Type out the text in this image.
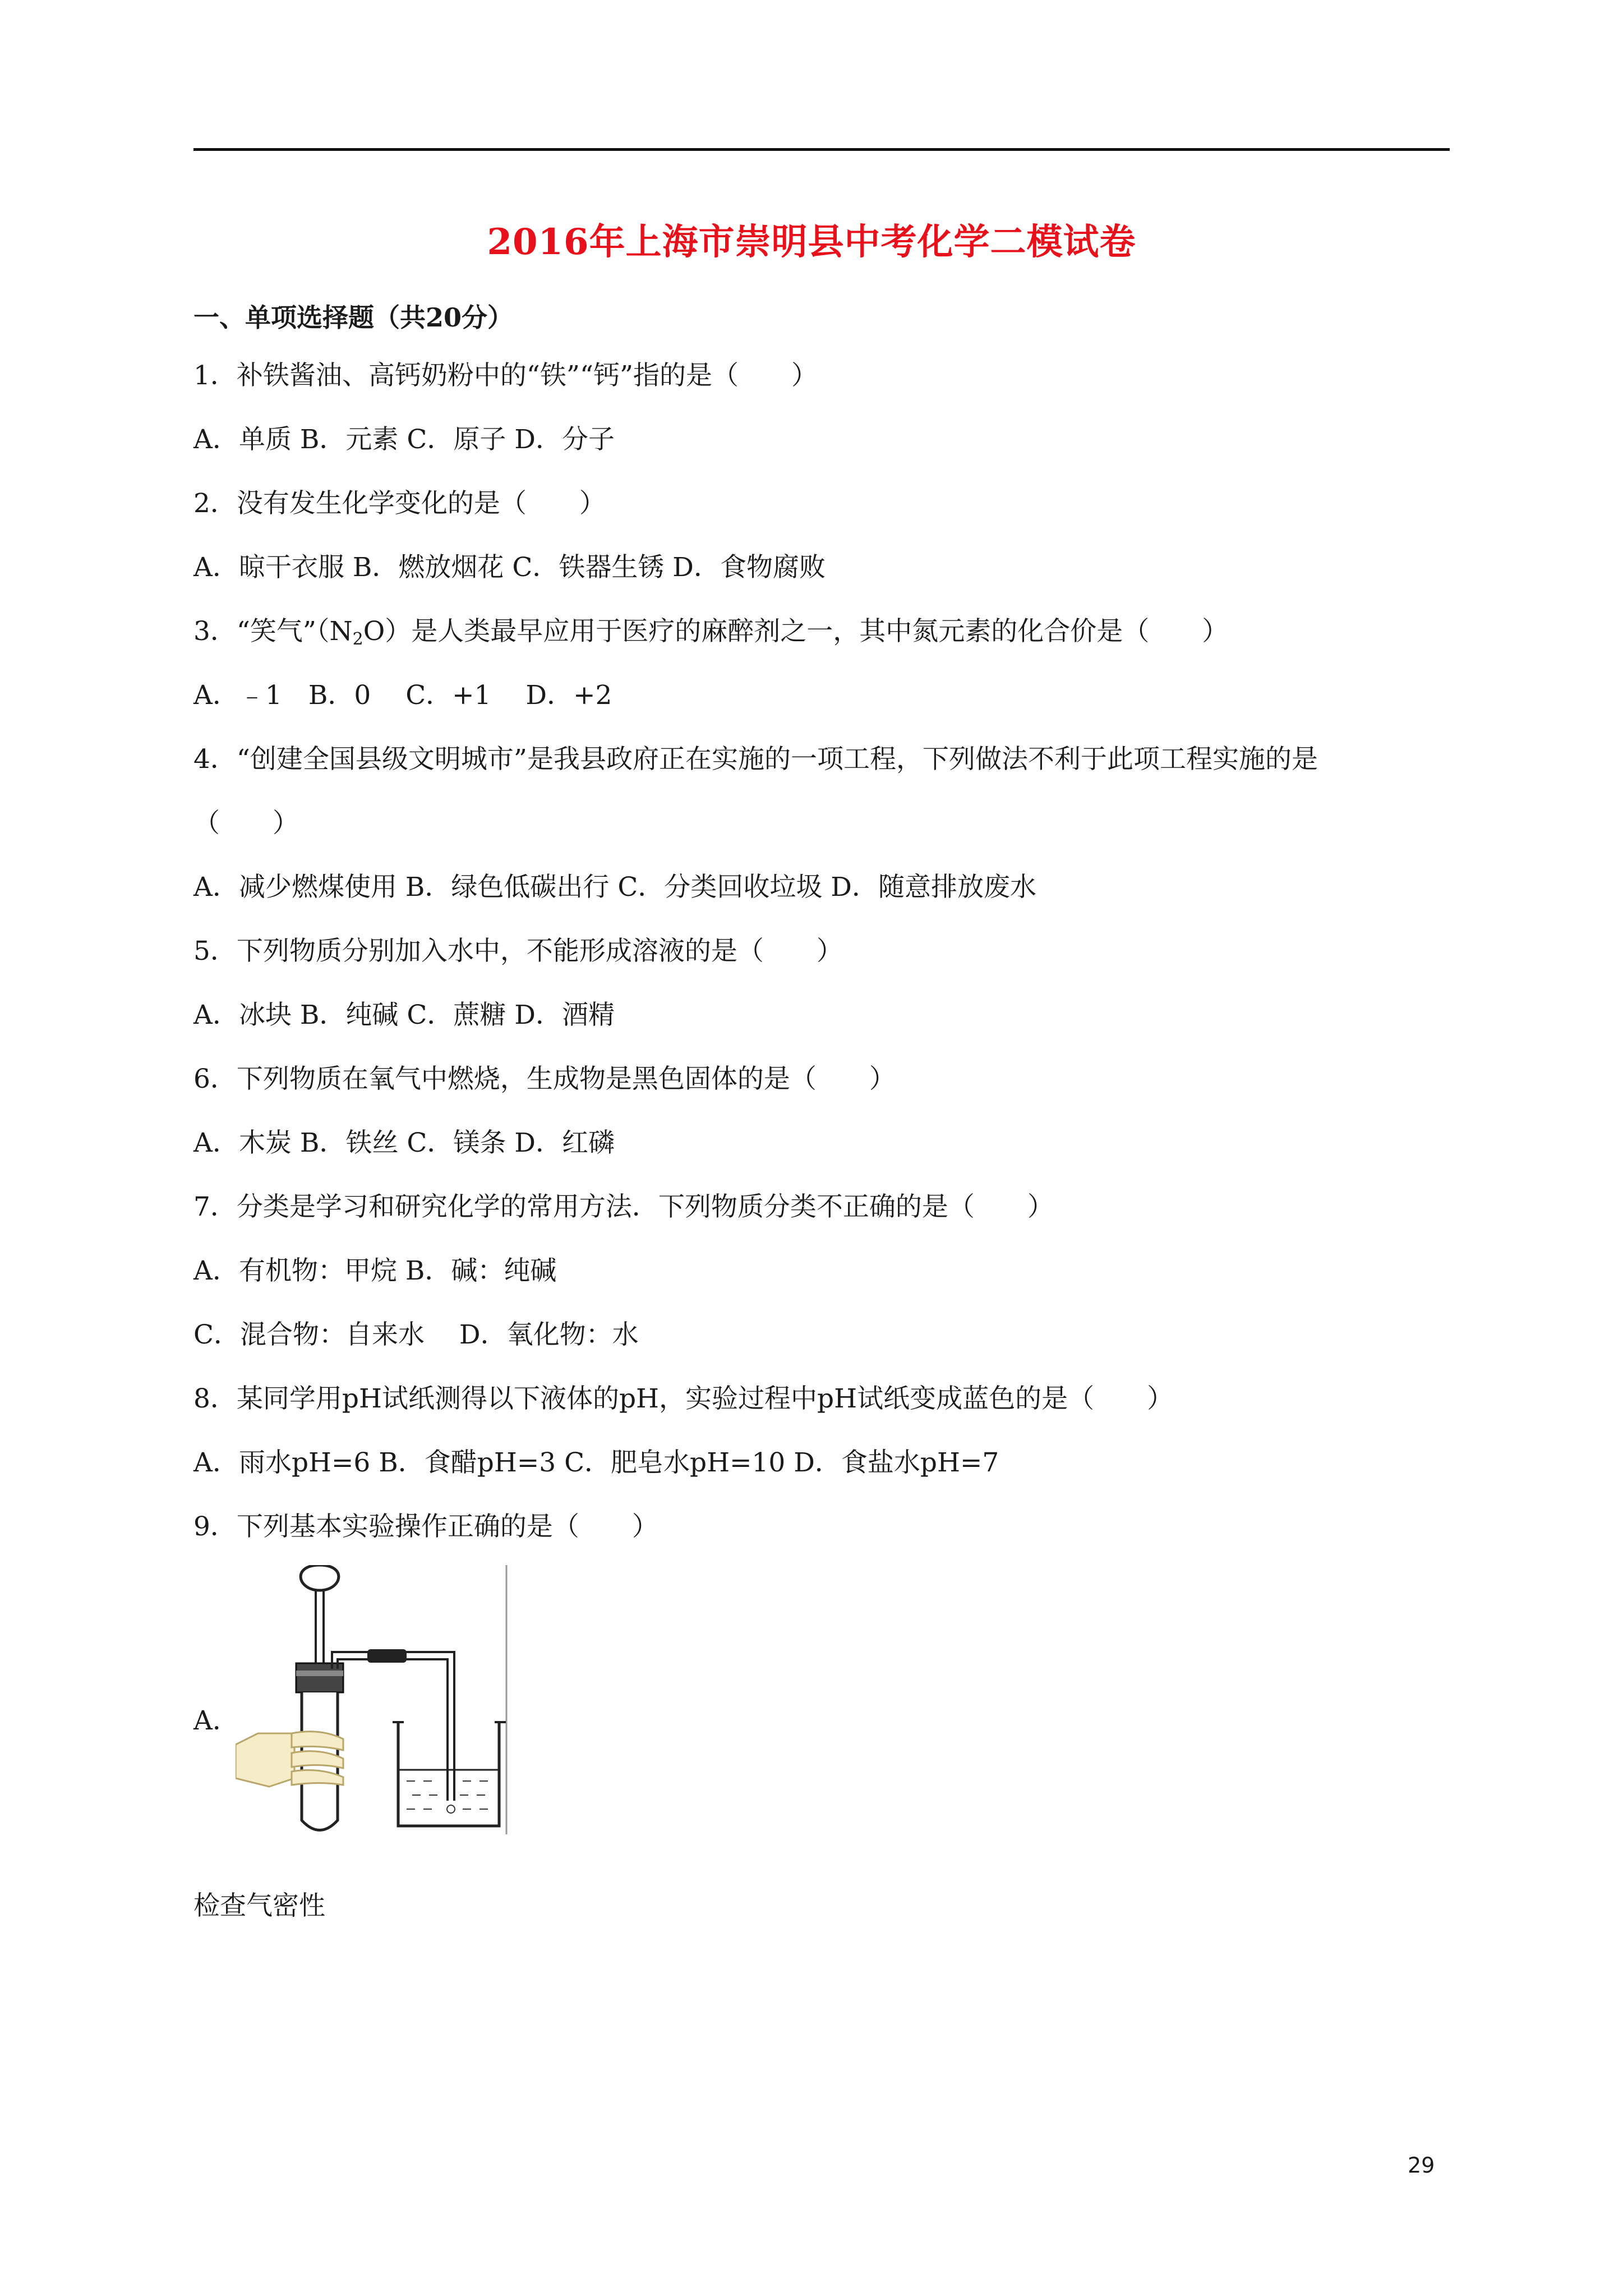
2016年上海市崇明县中考化学二模试卷
一、单项选择题（共20分）
1．补铁酱油、高钙奶粉中的“铁”“钙”指的是（　　）
A．单质 B．元素 C．原子 D．分子
2．没有发生化学变化的是（　　）
A．晾干衣服 B．燃放烟花 C．铁器生锈 D．食物腐败
3．“笑气$”(N_2O)$是人类最早应用于医疗的麻醉剂之一，其中氮元素的化合价是（　　）
A．﹣1　B．0　 C．+1　 D．+2
4．“创建全国县级文明城市”是我县政府正在实施的一项工程，下列做法不利于此项工程实施的是
（　　）
A．减少燃煤使用 B．绿色低碳出行 C．分类回收垃圾 D．随意排放废水
5．下列物质分别加入水中，不能形成溶液的是（　　）
A．冰块 B．纯碱 C．蔗糖 D．酒精
6．下列物质在氧气中燃烧，生成物是黑色固体的是（　　）
A．木炭 B．铁丝 C．镁条 D．红磷
7．分类是学习和研究化学的常用方法．下列物质分类不正确的是（　　）
A．有机物：甲烷 B．碱：纯碱
C．混合物：自来水　 D．氧化物：水
8．某同学用pH试纸测得以下液体的pH，实验过程中pH试纸变成蓝色的是（　　）
A．雨水pH=6 B．食醋pH=3 C．肥皂水pH=10 D．食盐水pH=7
9．下列基本实验操作正确的是（　　）
A．
检查气密性
29
